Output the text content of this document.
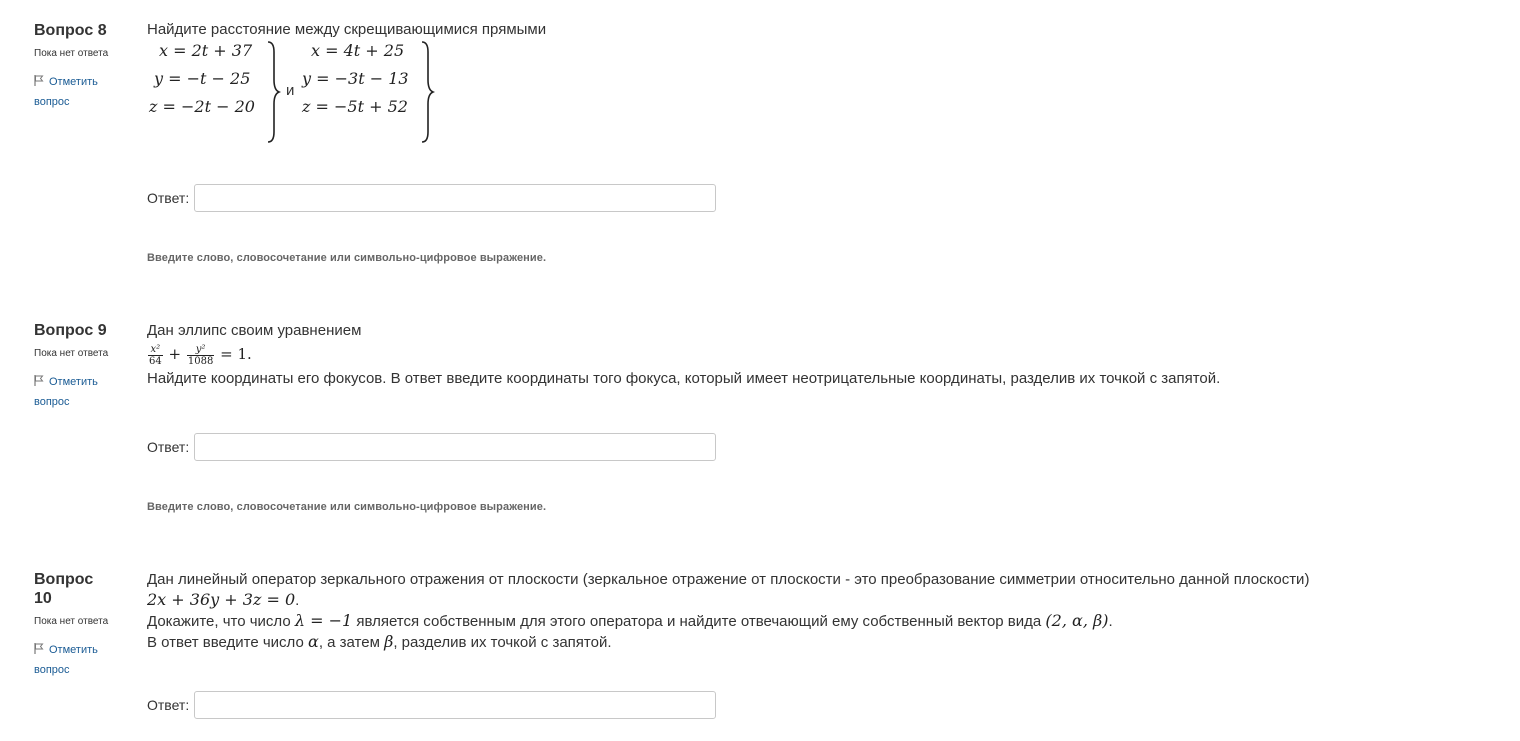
Вопрос 8
Пока нет ответа
Отметить вопрос
Найдите расстояние между скрещивающимися прямыми
x = 2t + 37
y = −t − 25
z = −2t − 20
и
x = 4t + 25
y = −3t − 13
z = −5t + 52
Ответ:
Введите слово, словосочетание или символьно-цифровое выражение.
Вопрос 9
Пока нет ответа
Отметить вопрос
Дан эллипс своим уравнением
$\frac{\text{x²}}{64} + \frac{\text{y²}}{1088} = 1$.
Найдите координаты его фокусов. В ответ введите координаты того фокуса, который имеет неотрицательные координаты, разделив их точкой с запятой.
Ответ:
Введите слово, словосочетание или символьно-цифровое выражение.
Вопрос
10
Пока нет ответа
Отметить вопрос
Дан линейный оператор зеркального отражения от плоскости (зеркальное отражение от плоскости - это преобразование симметрии относительно данной плоскости)
2x + 36y + 3z = 0.
Докажите, что число λ = −1 является собственным для этого оператора и найдите отвечающий ему собственный вектор вида (2, α, β).
В ответ введите число α, а затем β, разделив их точкой с запятой.
Ответ:
